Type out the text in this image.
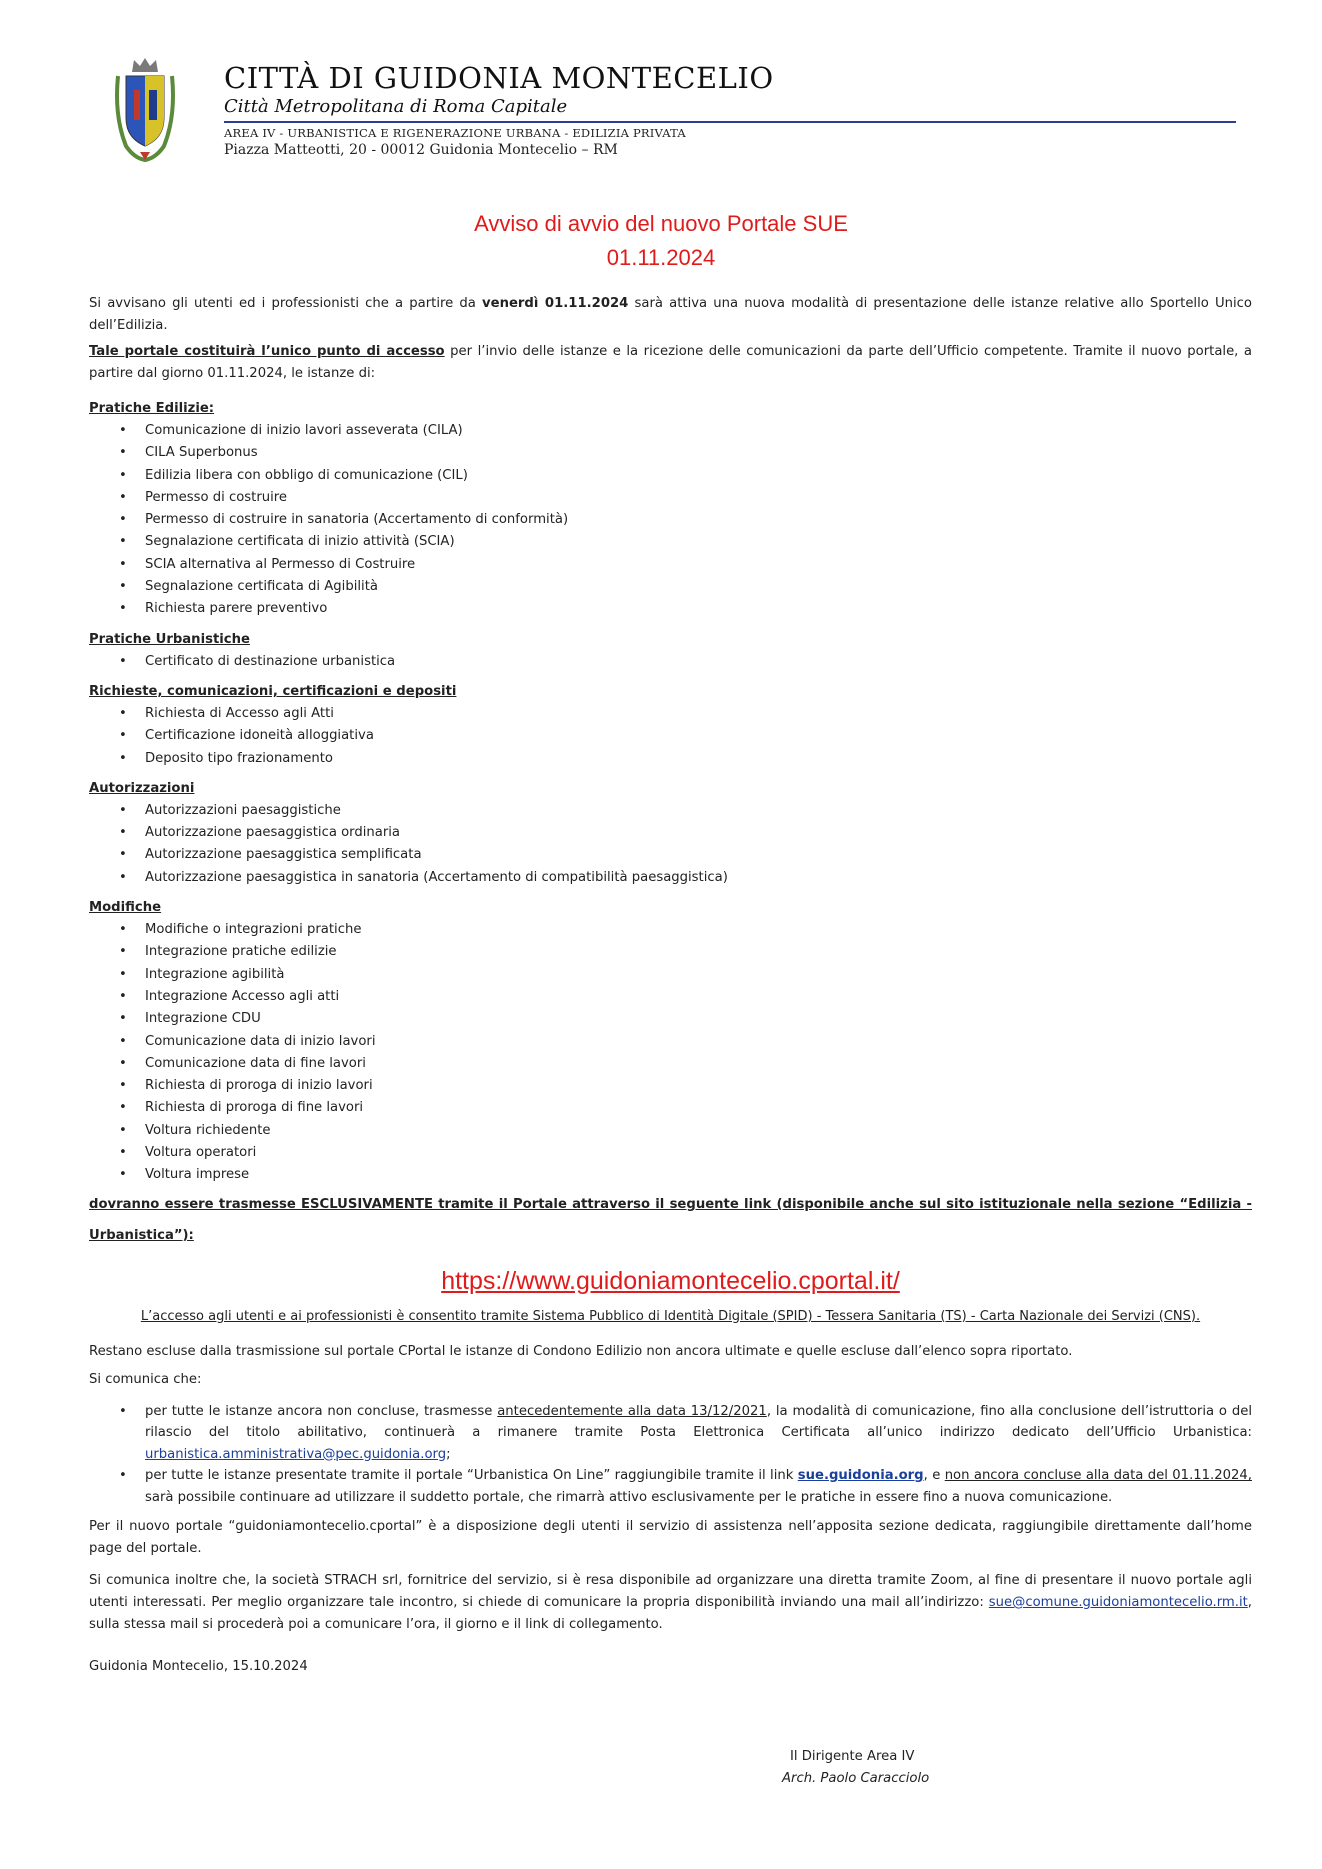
CITTÀ DI GUIDONIA MONTECELIO
Città Metropolitana di Roma Capitale
AREA IV - URBANISTICA E RIGENERAZIONE URBANA - EDILIZIA PRIVATA
Piazza Matteotti, 20 - 00012 Guidonia Montecelio – RM
Avviso di avvio del nuovo Portale SUE
01.11.2024

Si avvisano gli utenti ed i professionisti che a partire da venerdì 01.11.2024 sarà attiva una nuova modalità di presentazione delle istanze relative allo Sportello Unico dell’Edilizia.

Tale portale costituirà l’unico punto di accesso per l’invio delle istanze e la ricezione delle comunicazioni da parte dell’Ufficio competente. Tramite il nuovo portale, a partire dal giorno 01.11.2024, le istanze di:

Pratiche Edilizie:
• Comunicazione di inizio lavori asseverata (CILA)
• CILA Superbonus
• Edilizia libera con obbligo di comunicazione (CIL)
• Permesso di costruire
• Permesso di costruire in sanatoria (Accertamento di conformità)
• Segnalazione certificata di inizio attività (SCIA)
• SCIA alternativa al Permesso di Costruire
• Segnalazione certificata di Agibilità
• Richiesta parere preventivo
Pratiche Urbanistiche
• Certificato di destinazione urbanistica
Richieste, comunicazioni, certificazioni e depositi
• Richiesta di Accesso agli Atti
• Certificazione idoneità alloggiativa
• Deposito tipo frazionamento
Autorizzazioni
• Autorizzazioni paesaggistiche
• Autorizzazione paesaggistica ordinaria
• Autorizzazione paesaggistica semplificata
• Autorizzazione paesaggistica in sanatoria (Accertamento di compatibilità paesaggistica)
Modifiche
• Modifiche o integrazioni pratiche
• Integrazione pratiche edilizie
• Integrazione agibilità
• Integrazione Accesso agli atti
• Integrazione CDU
• Comunicazione data di inizio lavori
• Comunicazione data di fine lavori
• Richiesta di proroga di inizio lavori
• Richiesta di proroga di fine lavori
• Voltura richiedente
• Voltura operatori
• Voltura imprese

dovranno essere trasmesse ESCLUSIVAMENTE tramite il Portale attraverso il seguente link (disponibile anche sul sito istituzionale nella sezione “Edilizia - Urbanistica”):

https://www.guidoniamontecelio.cportal.it/

L’accesso agli utenti e ai professionisti è consentito tramite Sistema Pubblico di Identità Digitale (SPID) - Tessera Sanitaria (TS) - Carta Nazionale dei Servizi (CNS).

Restano escluse dalla trasmissione sul portale CPortal le istanze di Condono Edilizio non ancora ultimate e quelle escluse dall’elenco sopra riportato.

Si comunica che:

• per tutte le istanze ancora non concluse, trasmesse antecedentemente alla data 13/12/2021, la modalità di comunicazione, fino alla conclusione dell’istruttoria o del rilascio del titolo abilitativo, continuerà a rimanere tramite Posta Elettronica Certificata all’unico indirizzo dedicato dell’Ufficio Urbanistica: urbanistica.amministrativa@pec.guidonia.org;
• per tutte le istanze presentate tramite il portale “Urbanistica On Line” raggiungibile tramite il link sue.guidonia.org, e non ancora concluse alla data del 01.11.2024, sarà possibile continuare ad utilizzare il suddetto portale, che rimarrà attivo esclusivamente per le pratiche in essere fino a nuova comunicazione.

Per il nuovo portale “guidoniamontecelio.cportal” è a disposizione degli utenti il servizio di assistenza nell’apposita sezione dedicata, raggiungibile direttamente dall’home page del portale.

Si comunica inoltre che, la società STRACH srl, fornitrice del servizio, si è resa disponibile ad organizzare una diretta tramite Zoom, al fine di presentare il nuovo portale agli utenti interessati. Per meglio organizzare tale incontro, si chiede di comunicare la propria disponibilità inviando una mail all’indirizzo: sue@comune.guidoniamontecelio.rm.it, sulla stessa mail si procederà poi a comunicare l’ora, il giorno e il link di collegamento.

Guidonia Montecelio, 15.10.2024

Il Dirigente Area IV
Arch. Paolo Caracciolo
